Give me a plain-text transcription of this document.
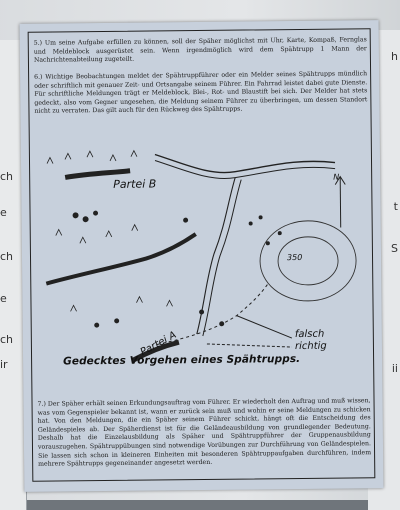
ch
e
ch
e
ch
ir
h
t
S
ii

5.) Um seine Aufgabe erfüllen zu können, soll der Späher möglichst mit Uhr, Karte, Kompaß, Fernglas und Meldeblock ausgerüstet sein. Wenn irgendmöglich wird dem Spähtrupp 1 Mann der Nachrichtenabteilung zugeteilt.

6.) Wichtige Beobachtungen meldet der Spähtruppführer oder ein Melder seines Spähtrupps mündlich oder schriftlich mit genauer Zeit- und Ortsangabe seinem Führer. Ein Fahrrad leistet dabei gute Dienste. Für schriftliche Meldungen trägt er Meldeblock, Blei-, Rot- und Blaustift bei sich. Der Melder hat stets gedeckt, also vom Gegner ungesehen, die Meldung seinem Führer zu überbringen, um dessen Standort nicht zu verraten. Das gilt auch für den Rückweg des Spähtrupps.

Partei B
Partei A
350
N
falsch
richtig

Gedecktes Vorgehen eines Spähtrupps.

7.) Der Späher erhält seinen Erkundungsauftrag vom Führer. Er wiederholt den Auftrag und muß wissen, was vom Gegenspieler bekannt ist, wann er zurück sein muß und wohin er seine Meldungen zu schicken hat. Von den Meldungen, die ein Späher seinem Führer schickt, hängt oft die Entscheidung des Geländespieles ab. Der Späherdienst ist für die Geländeausbildung von grundlegender Bedeutung. Deshalb hat die Einzelausbildung als Späher und Spähtruppführer der Gruppenausbildung vorauszugehen. Spähtruppübungen sind notwendige Vorübungen zur Durchführung von Geländespielen. Sie lassen sich schon in kleineren Einheiten mit besonderen Spähtruppaufgaben durchführen, indem mehrere Spähtrupps gegeneinander angesetzt werden.
